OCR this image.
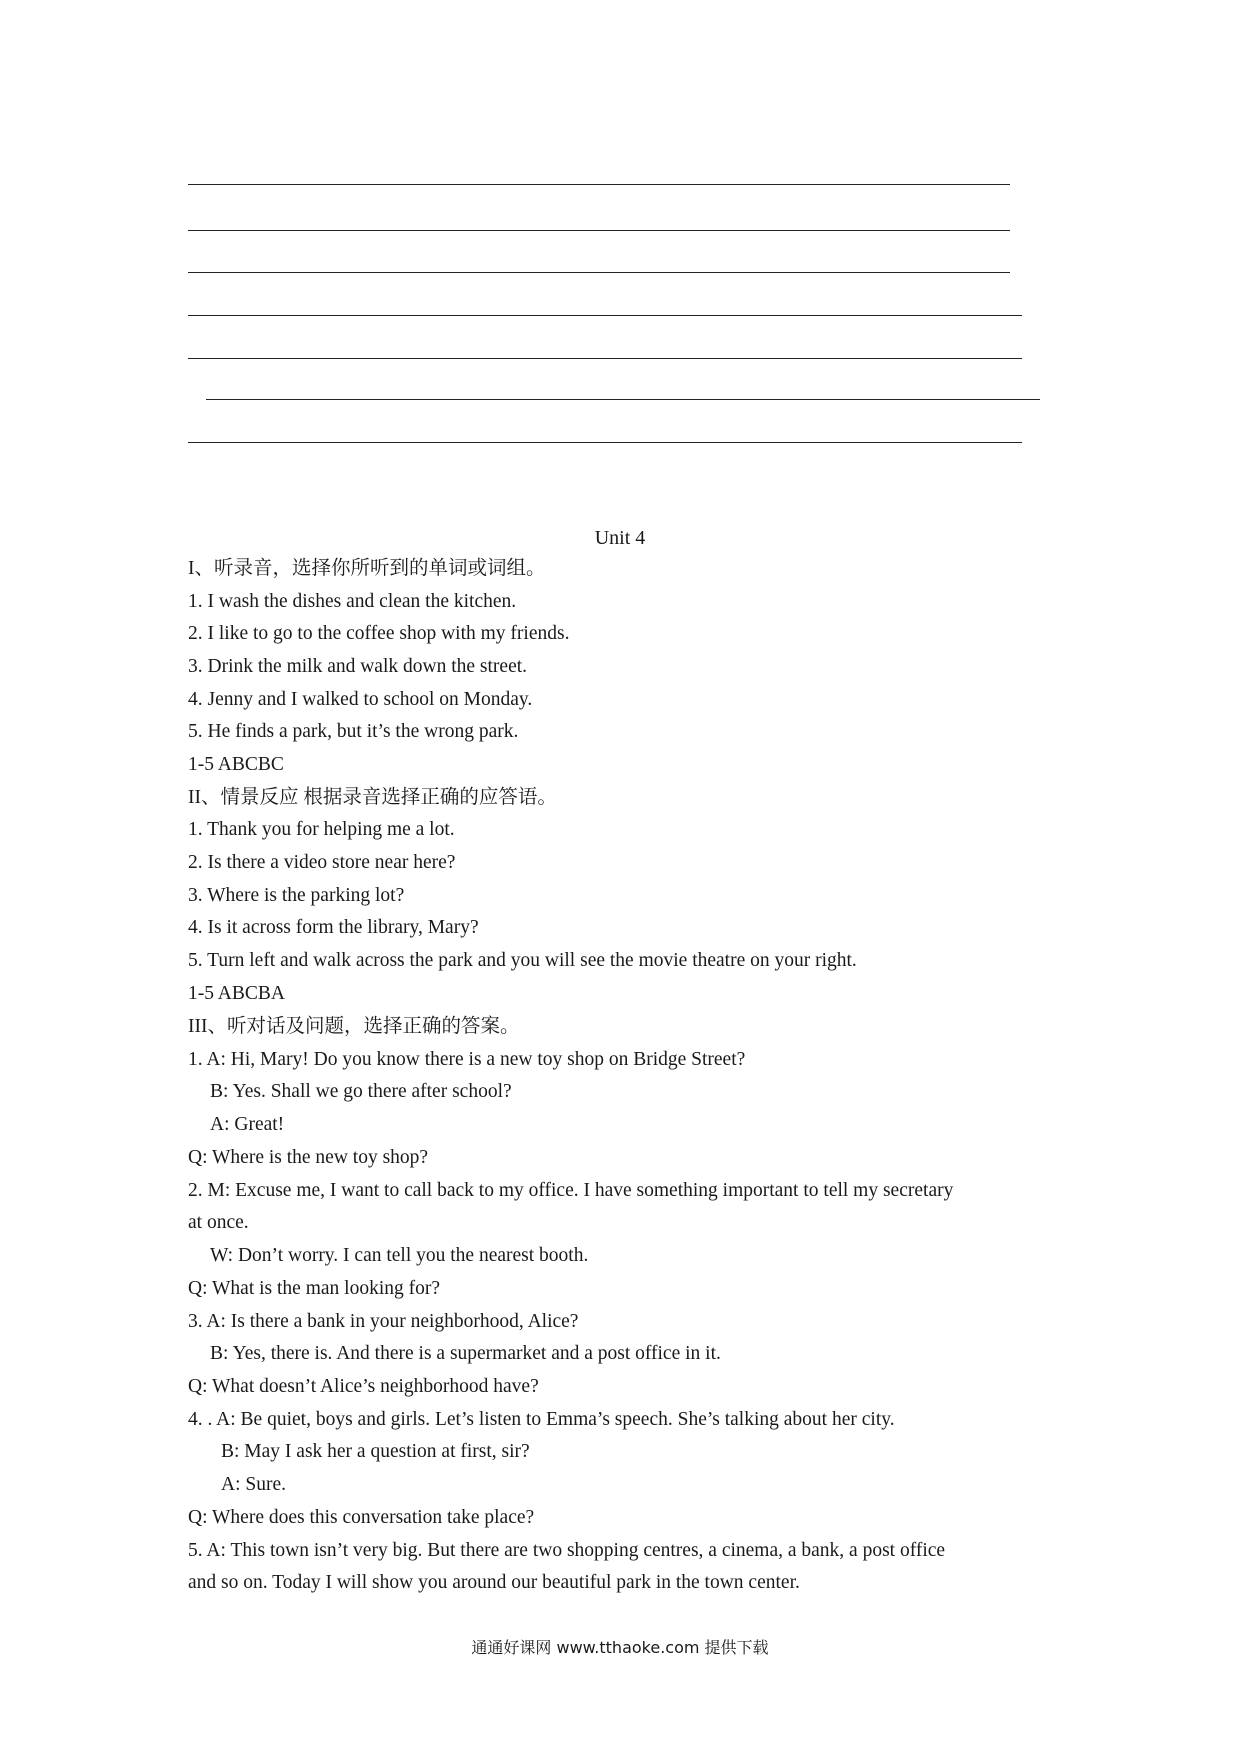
Unit 4
I、听录音，选择你所听到的单词或词组。
1. I wash the dishes and clean the kitchen.
2. I like to go to the coffee shop with my friends.
3. Drink the milk and walk down the street.
4. Jenny and I walked to school on Monday.
5. He finds a park, but it’s the wrong park.
1-5 ABCBC
II、情景反应 根据录音选择正确的应答语。
1. Thank you for helping me a lot.
2. Is there a video store near here?
3. Where is the parking lot?
4. Is it across form the library, Mary?
5. Turn left and walk across the park and you will see the movie theatre on your right.
1-5 ABCBA
III、听对话及问题，选择正确的答案。
1. A: Hi, Mary! Do you know there is a new toy shop on Bridge Street?
B: Yes. Shall we go there after school?
A: Great!
Q: Where is the new toy shop?
2. M: Excuse me, I want to call back to my office. I have something important to tell my secretary
at once.
W: Don’t worry. I can tell you the nearest booth.
Q: What is the man looking for?
3. A: Is there a bank in your neighborhood, Alice?
B: Yes, there is. And there is a supermarket and a post office in it.
Q: What doesn’t Alice’s neighborhood have?
4. . A: Be quiet, boys and girls. Let’s listen to Emma’s speech. She’s talking about her city.
B: May I ask her a question at first, sir?
A: Sure.
Q: Where does this conversation take place?
5. A: This town isn’t very big. But there are two shopping centres, a cinema, a bank, a post office
and so on. Today I will show you around our beautiful park in the town center.
通通好课网 www.tthaoke.com 提供下载
